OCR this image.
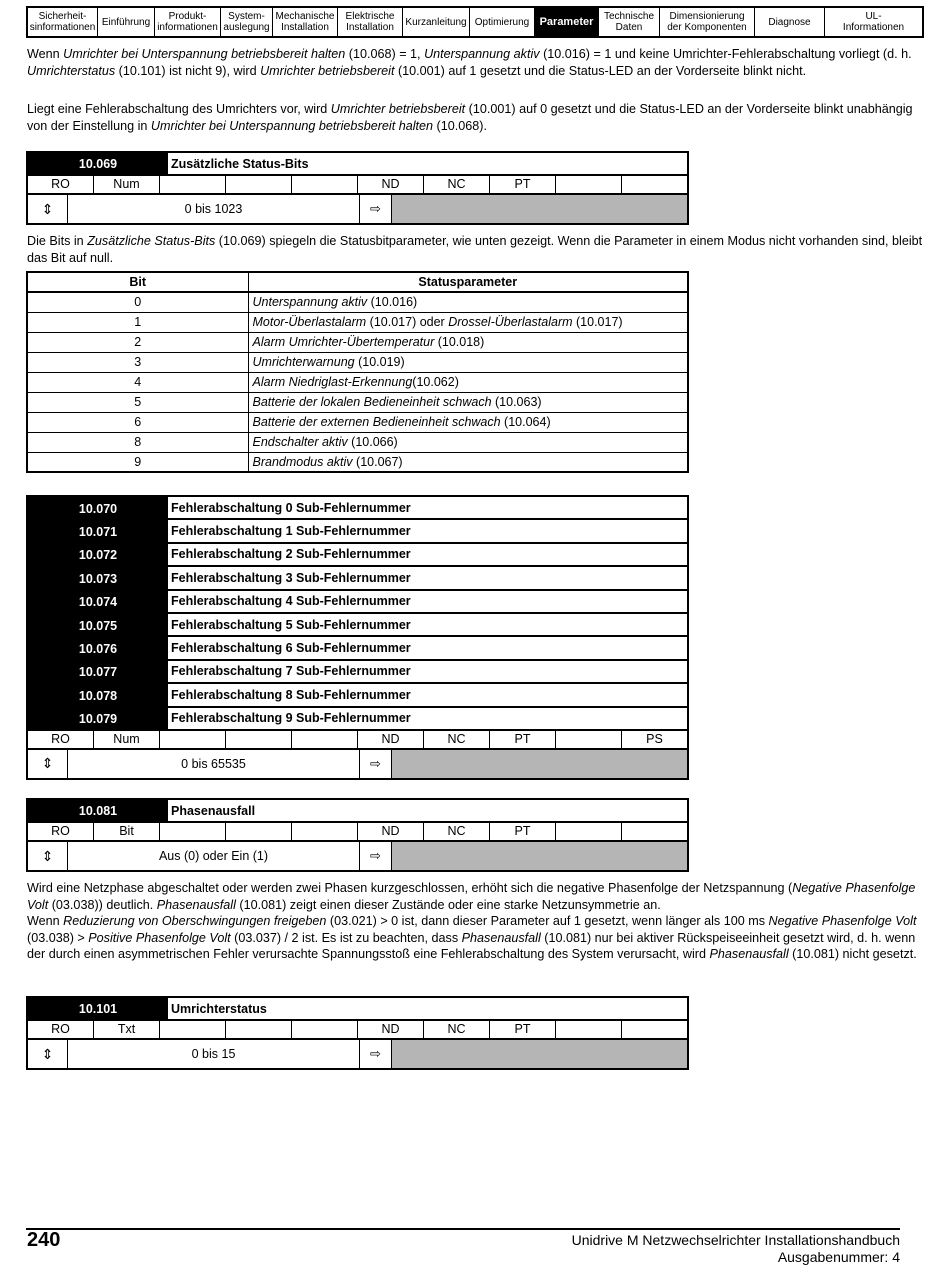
Sicherheit-
sinformationen Einführung	Produkt-
informationen
System-
auslegung
Mechanische
Installation
Elektrische
Installation	Kurzanleitung Optimierung Parameter	Technische
Daten
Dimensionierung
der Komponenten	Diagnose	UL-
Informationen
Wenn Umrichter bei Unterspannung betriebsbereit halten (10.068) = 1, Unterspannung aktiv (10.016) = 1 und keine Umrichter-Fehlerabschaltung vorliegt (d. h. Umrichterstatus (10.101) ist nicht 9), wird Umrichter betriebsbereit (10.001) auf 1 gesetzt und die Status-LED an der Vorderseite blinkt nicht.
Liegt eine Fehlerabschaltung des Umrichters vor, wird Umrichter betriebsbereit (10.001) auf 0 gesetzt und die Status-LED an der Vorderseite blinkt unabhängig von der Einstellung in Umrichter bei Unterspannung betriebsbereit halten (10.068).
10.069	Zusätzliche Status-Bits
RO	Num	ND	NC	PT
⇕	0 bis 1023	⇨
Die Bits in Zusätzliche Status-Bits (10.069) spiegeln die Statusbitparameter, wie unten gezeigt. Wenn die Parameter in einem Modus nicht vorhanden sind, bleibt das Bit auf null.
Bit	Statusparameter
0	Unterspannung aktiv (10.016)
1	Motor-Überlastalarm (10.017) oder Drossel-Überlastalarm (10.017)
2	Alarm Umrichter-Übertemperatur (10.018)
3	Umrichterwarnung (10.019)
4	Alarm Niedriglast-Erkennung(10.062)
5	Batterie der lokalen Bedieneinheit schwach (10.063)
6	Batterie der externen Bedieneinheit schwach (10.064)
8	Endschalter aktiv (10.066)
9	Brandmodus aktiv (10.067)
10.070	Fehlerabschaltung 0 Sub-Fehlernummer
10.071	Fehlerabschaltung 1 Sub-Fehlernummer
10.072	Fehlerabschaltung 2 Sub-Fehlernummer
10.073	Fehlerabschaltung 3 Sub-Fehlernummer
10.074	Fehlerabschaltung 4 Sub-Fehlernummer
10.075	Fehlerabschaltung 5 Sub-Fehlernummer
10.076	Fehlerabschaltung 6 Sub-Fehlernummer
10.077	Fehlerabschaltung 7 Sub-Fehlernummer
10.078	Fehlerabschaltung 8 Sub-Fehlernummer
10.079	Fehlerabschaltung 9 Sub-Fehlernummer
RO	Num	ND	NC	PT	PS
⇕	0 bis 65535	⇨
10.081	Phasenausfall
RO	Bit	ND	NC	PT
⇕	Aus (0) oder Ein (1)	⇨
Wird eine Netzphase abgeschaltet oder werden zwei Phasen kurzgeschlossen, erhöht sich die negative Phasenfolge der Netzspannung (Negative Phasenfolge Volt (03.038)) deutlich. Phasenausfall (10.081) zeigt einen dieser Zustände oder eine starke Netzunsymmetrie an.
Wenn Reduzierung von Oberschwingungen freigeben (03.021) > 0 ist, dann dieser Parameter auf 1 gesetzt, wenn länger als 100 ms Negative Phasenfolge Volt (03.038) > Positive Phasenfolge Volt (03.037) / 2 ist. Es ist zu beachten, dass Phasenausfall (10.081) nur bei aktiver Rückspeiseeinheit gesetzt wird, d. h. wenn der durch einen asymmetrischen Fehler verursachte Spannungsstoß eine Fehlerabschaltung des System verursacht, wird Phasenausfall (10.081) nicht gesetzt.
10.101	Umrichterstatus
RO	Txt	ND	NC	PT
⇕	0 bis 15	⇨
240	Unidrive M Netzwechselrichter Installationshandbuch
Ausgabenummer: 4
